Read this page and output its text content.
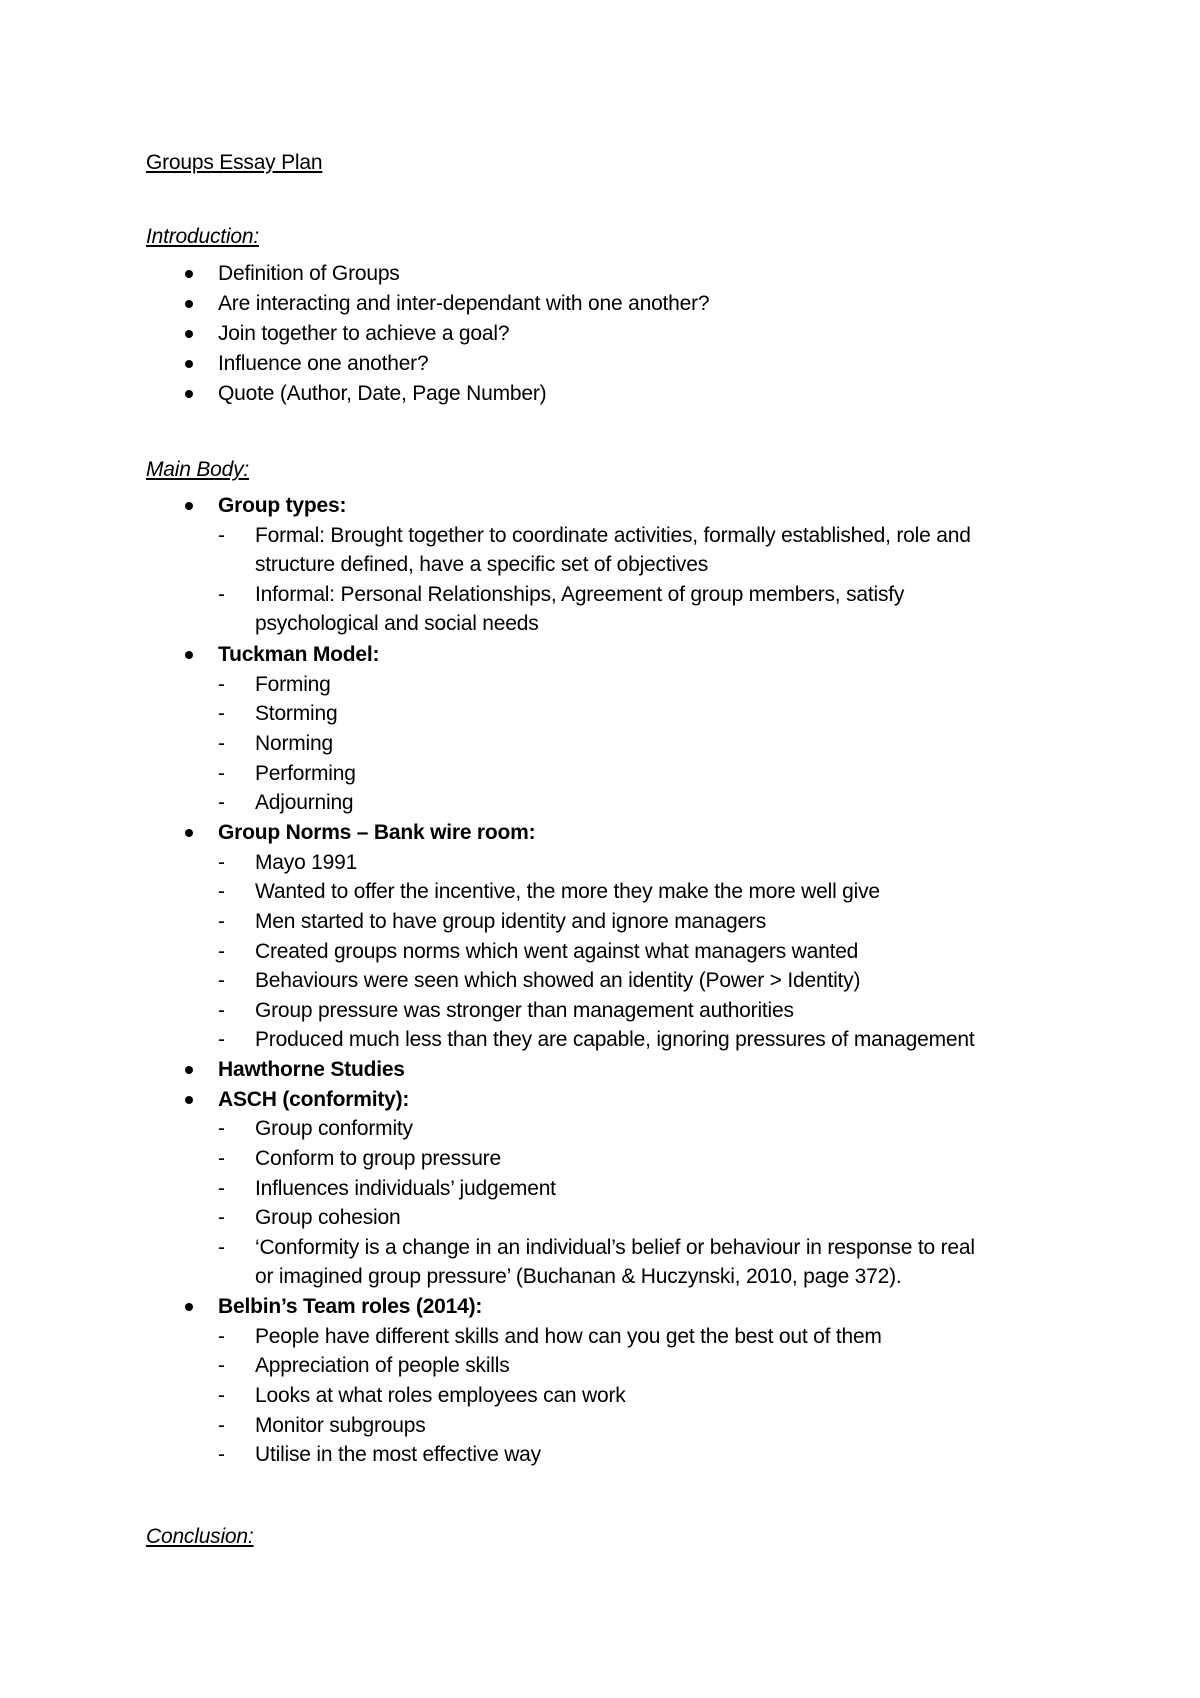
Groups Essay Plan
Introduction:
Definition of Groups
Are interacting and inter-dependant with one another?
Join together to achieve a goal?
Influence one another?
Quote (Author, Date, Page Number)
Main Body:
Group types:
- Formal: Brought together to coordinate activities, formally established, role and
structure defined, have a specific set of objectives
- Informal: Personal Relationships, Agreement of group members, satisfy
psychological and social needs
Tuckman Model:
- Forming
- Storming
- Norming
- Performing
- Adjourning
Group Norms – Bank wire room:
- Mayo 1991
- Wanted to offer the incentive, the more they make the more well give
- Men started to have group identity and ignore managers
- Created groups norms which went against what managers wanted
- Behaviours were seen which showed an identity (Power > Identity)
- Group pressure was stronger than management authorities
- Produced much less than they are capable, ignoring pressures of management
Hawthorne Studies
ASCH (conformity):
- Group conformity
- Conform to group pressure
- Influences individuals’ judgement
- Group cohesion
- ‘Conformity is a change in an individual’s belief or behaviour in response to real
or imagined group pressure’ (Buchanan & Huczynski, 2010, page 372).
Belbin’s Team roles (2014):
- People have different skills and how can you get the best out of them
- Appreciation of people skills
- Looks at what roles employees can work
- Monitor subgroups
- Utilise in the most effective way
Conclusion:
